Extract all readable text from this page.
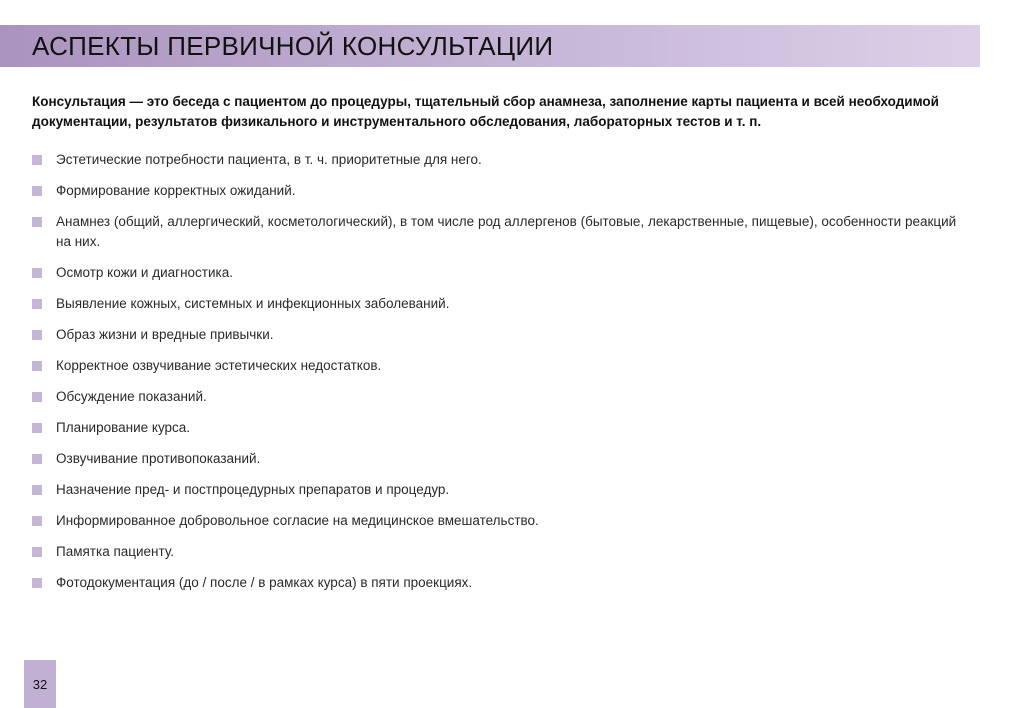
АСПЕКТЫ ПЕРВИЧНОЙ КОНСУЛЬТАЦИИ

Консультация — это беседа с пациентом до процедуры, тщательный сбор анамнеза, заполнение карты пациента и всей необходимой документации, результатов физикального и инструментального обследования, лабораторных тестов и т. п.

Эстетические потребности пациента, в т. ч. приоритетные для него.
Формирование корректных ожиданий.
Анамнез (общий, аллергический, косметологический), в том числе род аллергенов (бытовые, лекарственные, пищевые), особенности реакций на них.
Осмотр кожи и диагностика.
Выявление кожных, системных и инфекционных заболеваний.
Образ жизни и вредные привычки.
Корректное озвучивание эстетических недостатков.
Обсуждение показаний.
Планирование курса.
Озвучивание противопоказаний.
Назначение пред- и постпроцедурных препаратов и процедур.
Информированное добровольное согласие на медицинское вмешательство.
Памятка пациенту.
Фотодокументация (до / после / в рамках курса) в пяти проекциях.
32
